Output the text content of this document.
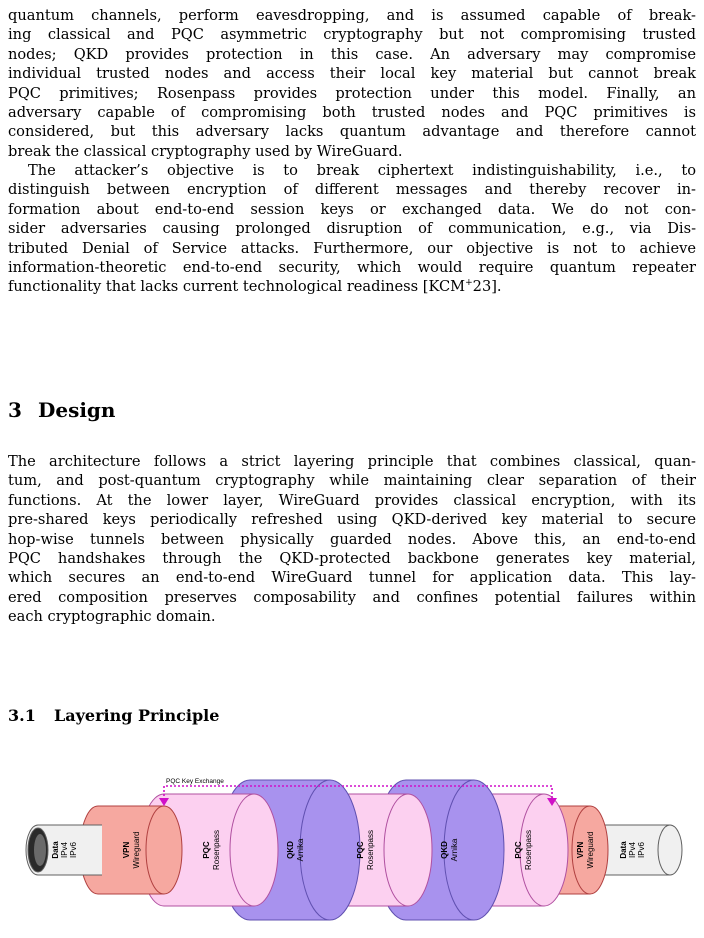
quantum channels, perform eavesdropping, and is assumed capable of break-
ing classical and PQC asymmetric cryptography but not compromising trusted
nodes; QKD provides protection in this case. An adversary may compromise
individual trusted nodes and access their local key material but cannot break
PQC primitives; Rosenpass provides protection under this model. Finally, an
adversary capable of compromising both trusted nodes and PQC primitives is
considered, but this adversary lacks quantum advantage and therefore cannot
break the classical cryptography used by WireGuard.

The attacker’s objective is to break ciphertext indistinguishability, i.e., to
distinguish between encryption of different messages and thereby recover in-
formation about end-to-end session keys or exchanged data. We do not con-
sider adversaries causing prolonged disruption of communication, e.g., via Dis-
tributed Denial of Service attacks. Furthermore, our objective is not to achieve
information-theoretic end-to-end security, which would require quantum repeater
functionality that lacks current technological readiness [KCM+23].

3 Design

The architecture follows a strict layering principle that combines classical, quan-
tum, and post-quantum cryptography while maintaining clear separation of their
functions. At the lower layer, WireGuard provides classical encryption, with its
pre-shared keys periodically refreshed using QKD-derived key material to secure
hop-wise tunnels between physically guarded nodes. Above this, an end-to-end
PQC handshakes through the QKD-protected backbone generates key material,
which secures an end-to-end WireGuard tunnel for application data. This lay-
ered composition preserves composability and confines potential failures within
each cryptographic domain.

3.1 Layering Principle
PQC Key Exchange
Data IPv4 IPv6	VPN Wireguard	PQC Rosenpass	QKD Arnika	PQC Rosenpass	QKD Arnika	PQC Rosenpass	VPN Wireguard	Data IPv4 IPv6
